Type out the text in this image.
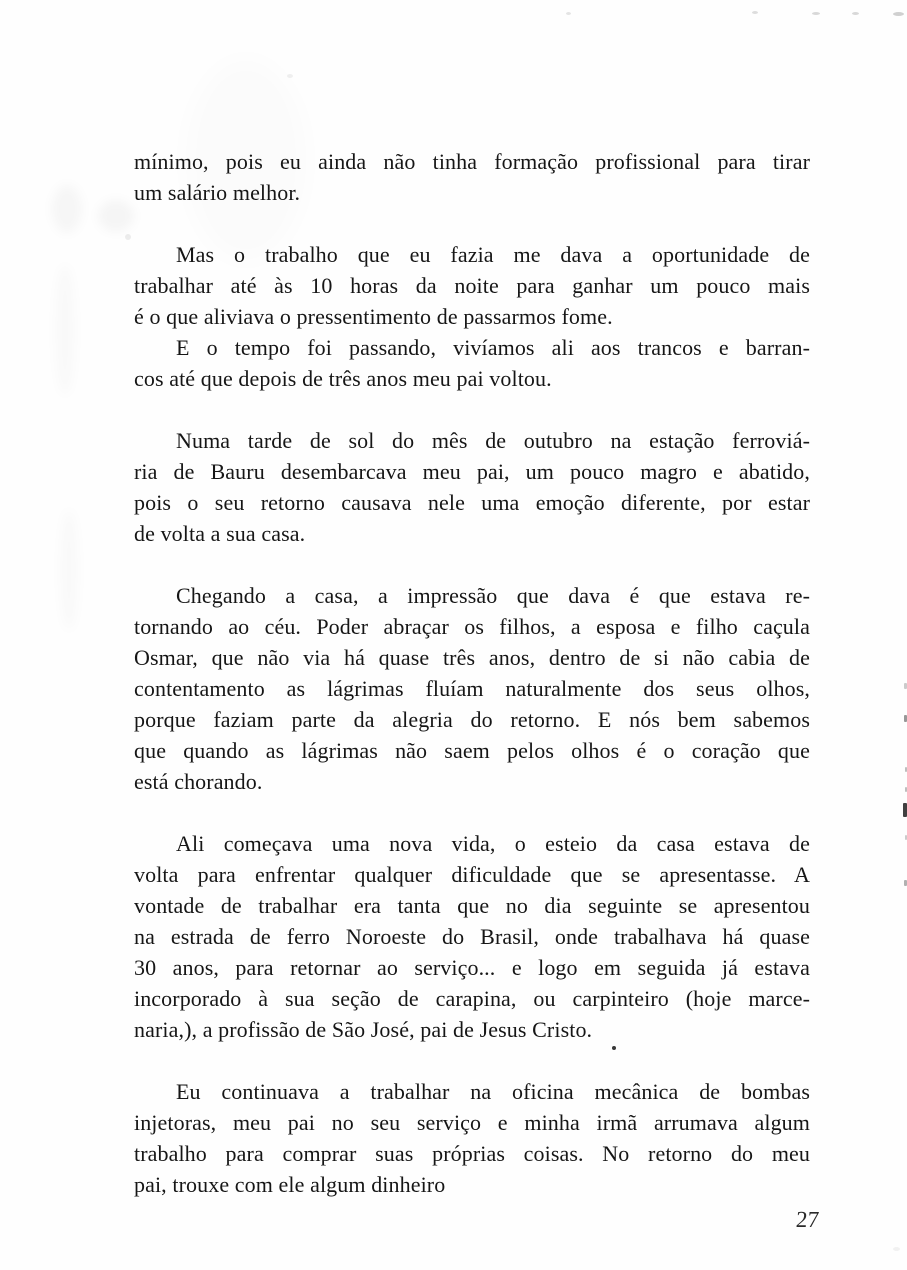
mínimo, pois eu ainda não tinha formação profissional para tirar
um salário melhor.
Mas o trabalho que eu fazia me dava a oportunidade de
trabalhar até às 10 horas da noite para ganhar um pouco mais
é o que aliviava o pressentimento de passarmos fome.
E o tempo foi passando, vivíamos ali aos trancos e barran-
cos até que depois de três anos meu pai voltou.
Numa tarde de sol do mês de outubro na estação ferroviá-
ria de Bauru desembarcava meu pai, um pouco magro e abatido,
pois o seu retorno causava nele uma emoção diferente, por estar
de volta a sua casa.
Chegando a casa, a impressão que dava é que estava re-
tornando ao céu. Poder abraçar os filhos, a esposa e filho caçula
Osmar, que não via há quase três anos, dentro de si não cabia de
contentamento as lágrimas fluíam naturalmente dos seus olhos,
porque faziam parte da alegria do retorno. E nós bem sabemos
que quando as lágrimas não saem pelos olhos é o coração que
está chorando.
Ali começava uma nova vida, o esteio da casa estava de
volta para enfrentar qualquer dificuldade que se apresentasse. A
vontade de trabalhar era tanta que no dia seguinte se apresentou
na estrada de ferro Noroeste do Brasil, onde trabalhava há quase
30 anos, para retornar ao serviço... e logo em seguida já estava
incorporado à sua seção de carapina, ou carpinteiro (hoje marce-
naria,), a profissão de São José, pai de Jesus Cristo.
Eu continuava a trabalhar na oficina mecânica de bombas
injetoras, meu pai no seu serviço e minha irmã arrumava algum
trabalho para comprar suas próprias coisas. No retorno do meu
pai, trouxe com ele algum dinheiro
27
